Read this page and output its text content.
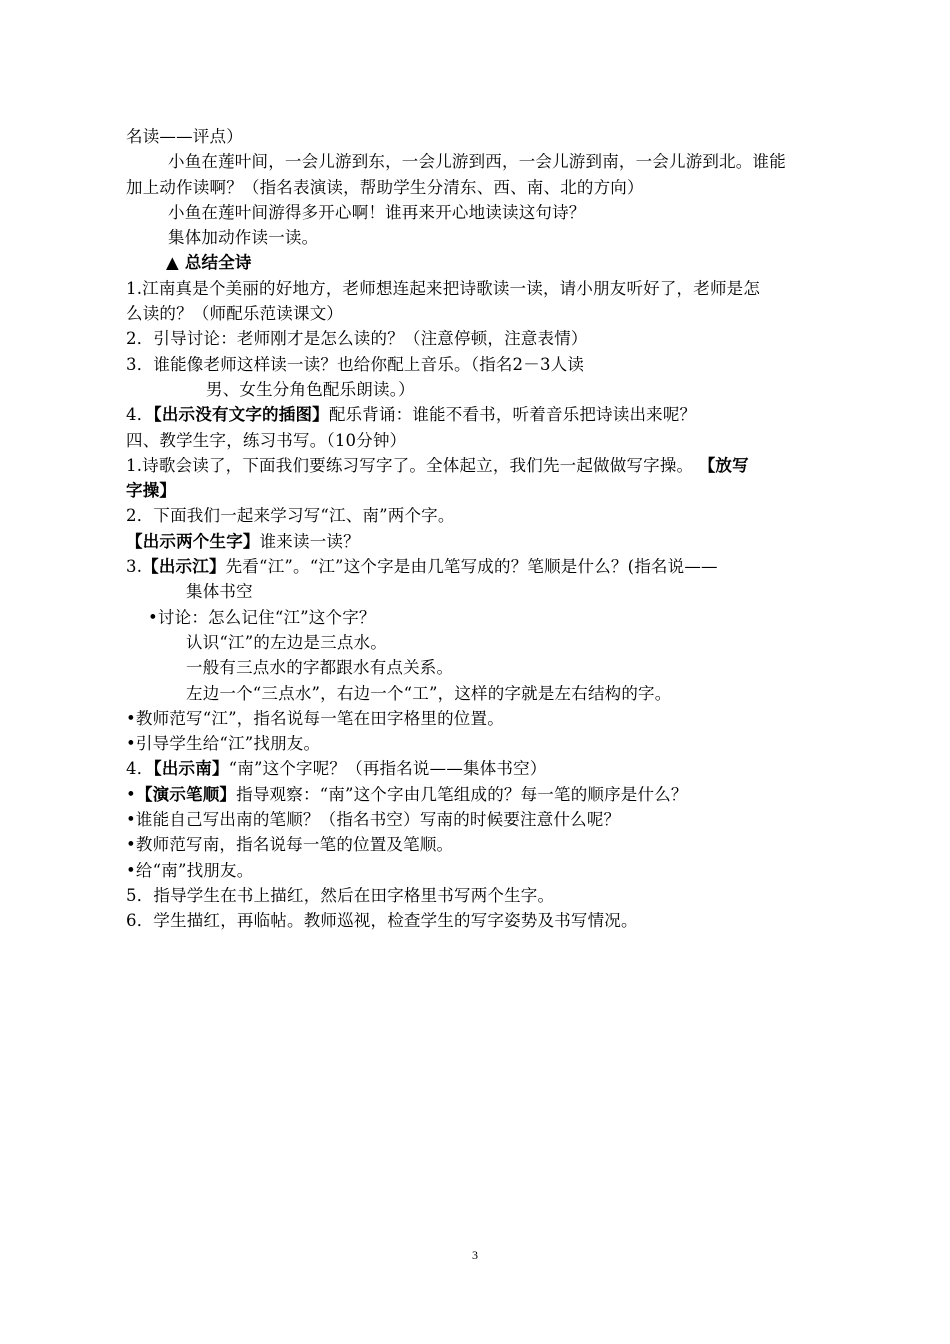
名读——评点）
小鱼在莲叶间，一会儿游到东，一会儿游到西，一会儿游到南，一会儿游到北。谁能
加上动作读啊？（指名表演读，帮助学生分清东、西、南、北的方向）
小鱼在莲叶间游得多开心啊！谁再来开心地读读这句诗？
集体加动作读一读。
▲ 总结全诗
1.江南真是个美丽的好地方，老师想连起来把诗歌读一读，请小朋友听好了，老师是怎
么读的？（师配乐范读课文）
2．引导讨论：老师刚才是怎么读的？（注意停顿，注意表情）
3．谁能像老师这样读一读？也给你配上音乐。（指名2－3人读
男、女生分角色配乐朗读。）
4．【出示没有文字的插图】配乐背诵：谁能不看书，听着音乐把诗读出来呢？
四、教学生字，练习书写。（10分钟）
1.诗歌会读了，下面我们要练习写字了。全体起立，我们先一起做做写字操。 【放写
字操】
2．下面我们一起来学习写“江、南”两个字。
【出示两个生字】谁来读一读？
3.【出示江】先看“江”。“江”这个字是由几笔写成的？笔顺是什么？(指名说——
集体书空
•讨论：怎么记住“江”这个字？
认识“江”的左边是三点水。
一般有三点水的字都跟水有点关系。
左边一个“三点水”，右边一个“工”，这样的字就是左右结构的字。
•教师范写“江”，指名说每一笔在田字格里的位置。
•引导学生给“江”找朋友。
4．【出示南】“南”这个字呢？（再指名说——集体书空）
•【演示笔顺】指导观察：“南”这个字由几笔组成的？每一笔的顺序是什么？
•谁能自己写出南的笔顺？（指名书空）写南的时候要注意什么呢？
•教师范写南，指名说每一笔的位置及笔顺。
•给“南”找朋友。
5．指导学生在书上描红，然后在田字格里书写两个生字。
6．学生描红，再临帖。教师巡视，检查学生的写字姿势及书写情况。
3
